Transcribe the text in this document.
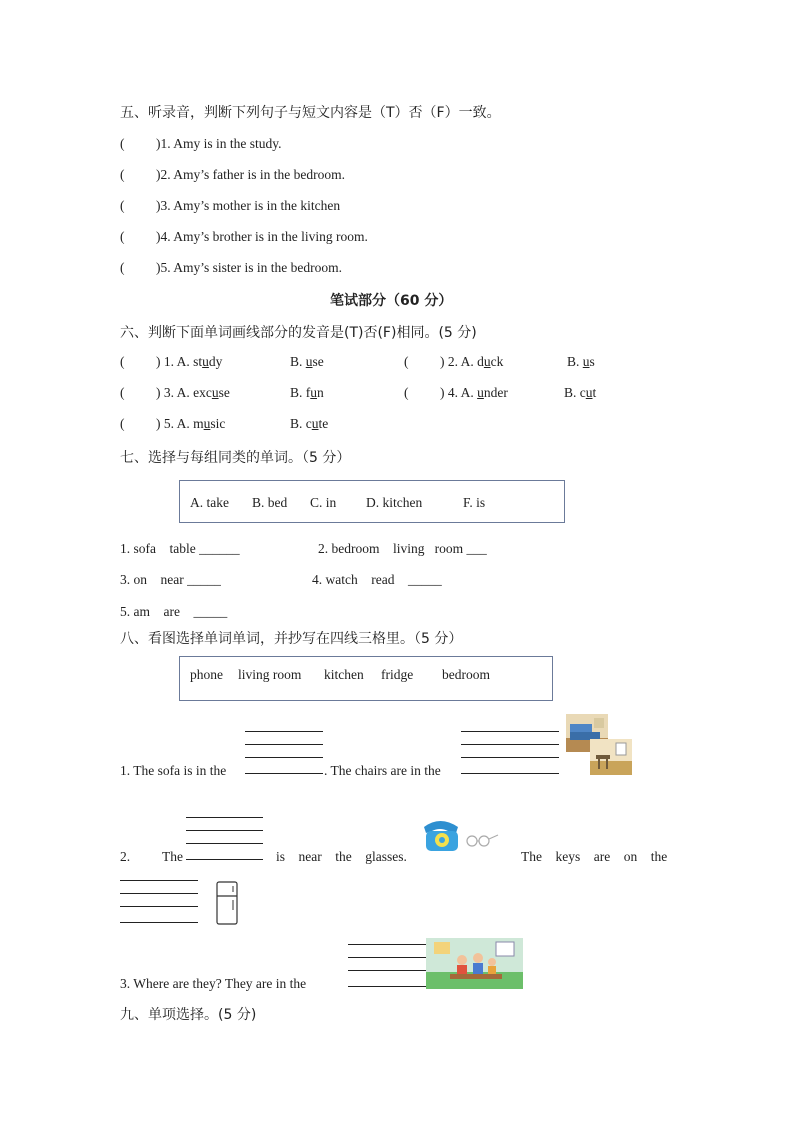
五、听录音，判断下列句子与短文内容是（T）否（F）一致。
( )1. Amy is in the study.
( )2. Amy’s father is in the bedroom.
( )3. Amy’s mother is in the kitchen
( )4. Amy’s brother is in the living room.
( )5. Amy’s sister is in the bedroom.
笔试部分（60 分）
六、判断下面单词画线部分的发音是(T)否(F)相同。(5 分)
( ) 1. A. study	B. use	( ) 2. A. duck	B. us
( ) 3. A. excuse	B. fun	( ) 4. A. under	B. cut
( ) 5. A. music	B. cute
七、选择与每组同类的单词。（5 分）
A. take B. bed C. in D. kitchen	F. is
1. sofa    table ______	2. bedroom    living   room ___
3. on    near _____	4. watch    read    _____
5. am    are    _____
八、看图选择单词单词，并抄写在四线三格里。（5 分）
phone living room kitchen fridge bedroom
1. The sofa is in the	. The chairs are in the
2. The	is    near    the    glasses.	The    keys    are    on    the
3. Where are they? They are in the
九、单项选择。(5 分)
